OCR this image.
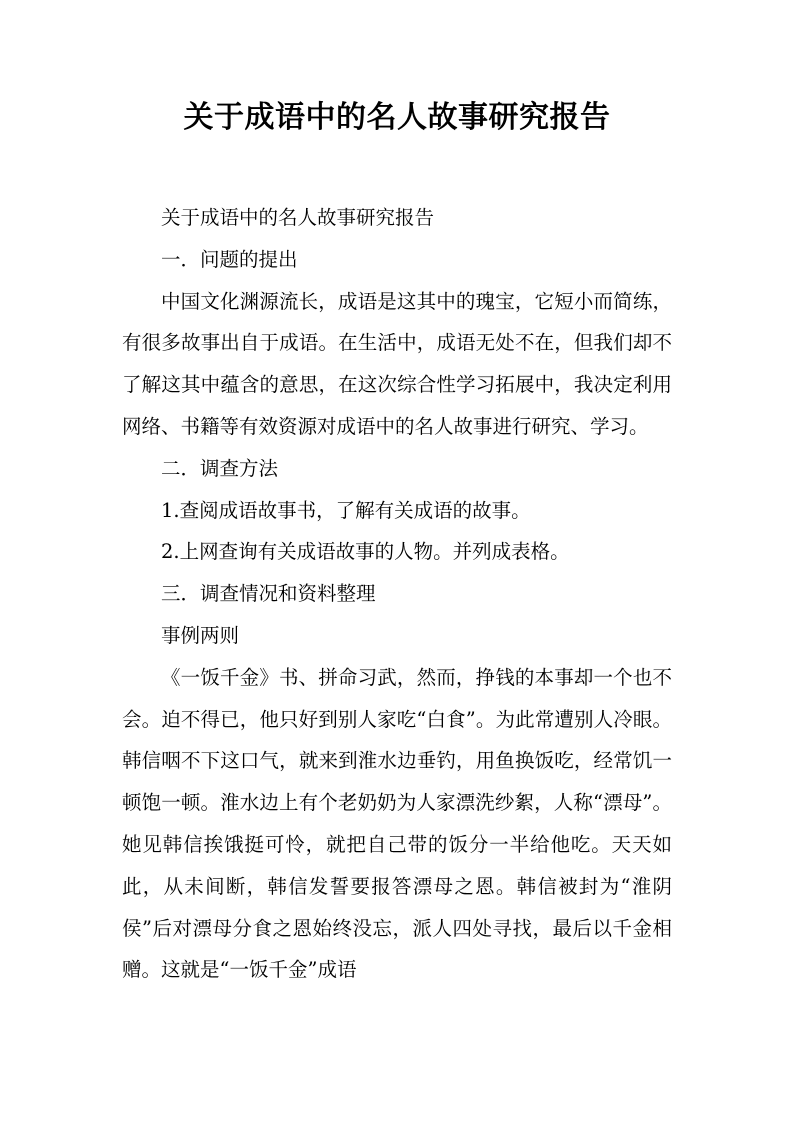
关于成语中的名人故事研究报告

关于成语中的名人故事研究报告

一．问题的提出

中国文化渊源流长，成语是这其中的瑰宝，它短小而简练，有很多故事出自于成语。在生活中，成语无处不在，但我们却不了解这其中蕴含的意思，在这次综合性学习拓展中，我决定利用网络、书籍等有效资源对成语中的名人故事进行研究、学习。

二．调查方法

1.查阅成语故事书，了解有关成语的故事。

2.上网查询有关成语故事的人物。并列成表格。

三．调查情况和资料整理

事例两则

《一饭千金》书、拼命习武，然而，挣钱的本事却一个也不会。迫不得已，他只好到别人家吃“白食”。为此常遭别人冷眼。韩信咽不下这口气，就来到淮水边垂钓，用鱼换饭吃，经常饥一顿饱一顿。淮水边上有个老奶奶为人家漂洗纱絮，人称“漂母”。她见韩信挨饿挺可怜，就把自己带的饭分一半给他吃。天天如此，从未间断，韩信发誓要报答漂母之恩。韩信被封为“淮阴侯”后对漂母分食之恩始终没忘，派人四处寻找，最后以千金相赠。这就是“一饭千金”成语
